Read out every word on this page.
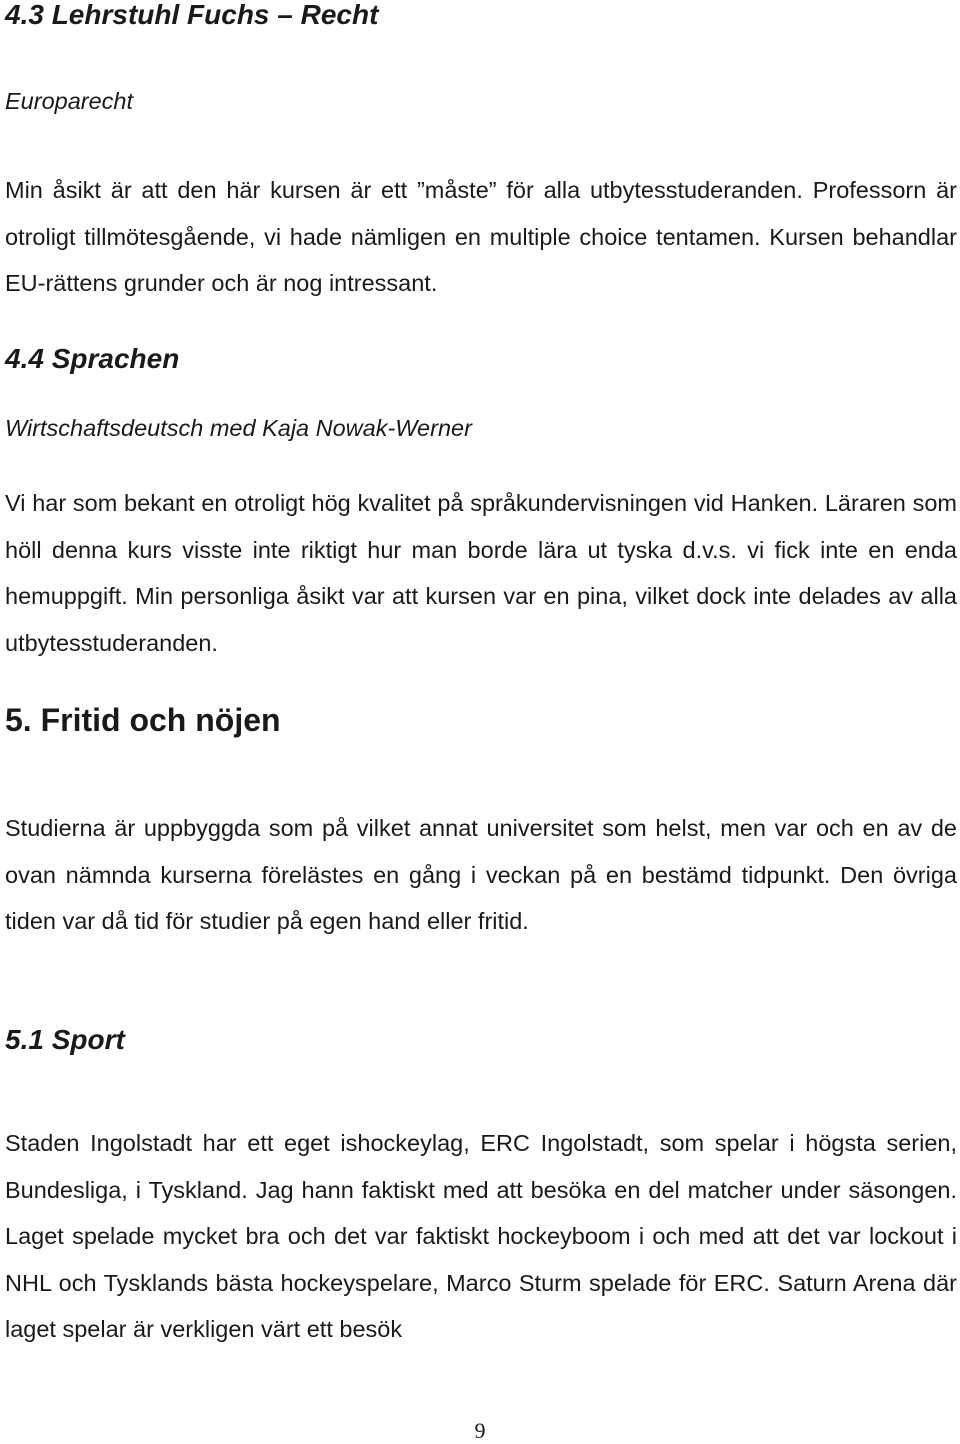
4.3 Lehrstuhl Fuchs – Recht
Europarecht

Min åsikt är att den här kursen är ett ”måste” för alla utbytesstuderanden. Professorn är otroligt tillmötesgående, vi hade nämligen en multiple choice tentamen. Kursen behandlar EU-rättens grunder och är nog intressant.

4.4 Sprachen
Wirtschaftsdeutsch med Kaja Nowak-Werner

Vi har som bekant en otroligt hög kvalitet på språkundervisningen vid Hanken. Läraren som höll denna kurs visste inte riktigt hur man borde lära ut tyska d.v.s. vi fick inte en enda hemuppgift. Min personliga åsikt var att kursen var en pina, vilket dock inte delades av alla utbytesstuderanden.

5. Fritid och nöjen

Studierna är uppbyggda som på vilket annat universitet som helst, men var och en av de ovan nämnda kurserna förelästes en gång i veckan på en bestämd tidpunkt. Den övriga tiden var då tid för studier på egen hand eller fritid.

5.1 Sport

Staden Ingolstadt har ett eget ishockeylag, ERC Ingolstadt, som spelar i högsta serien, Bundesliga, i Tyskland. Jag hann faktiskt med att besöka en del matcher under säsongen. Laget spelade mycket bra och det var faktiskt hockeyboom i och med att det var lockout i NHL och Tysklands bästa hockeyspelare, Marco Sturm spelade för ERC. Saturn Arena där laget spelar är verkligen värt ett besök

9
